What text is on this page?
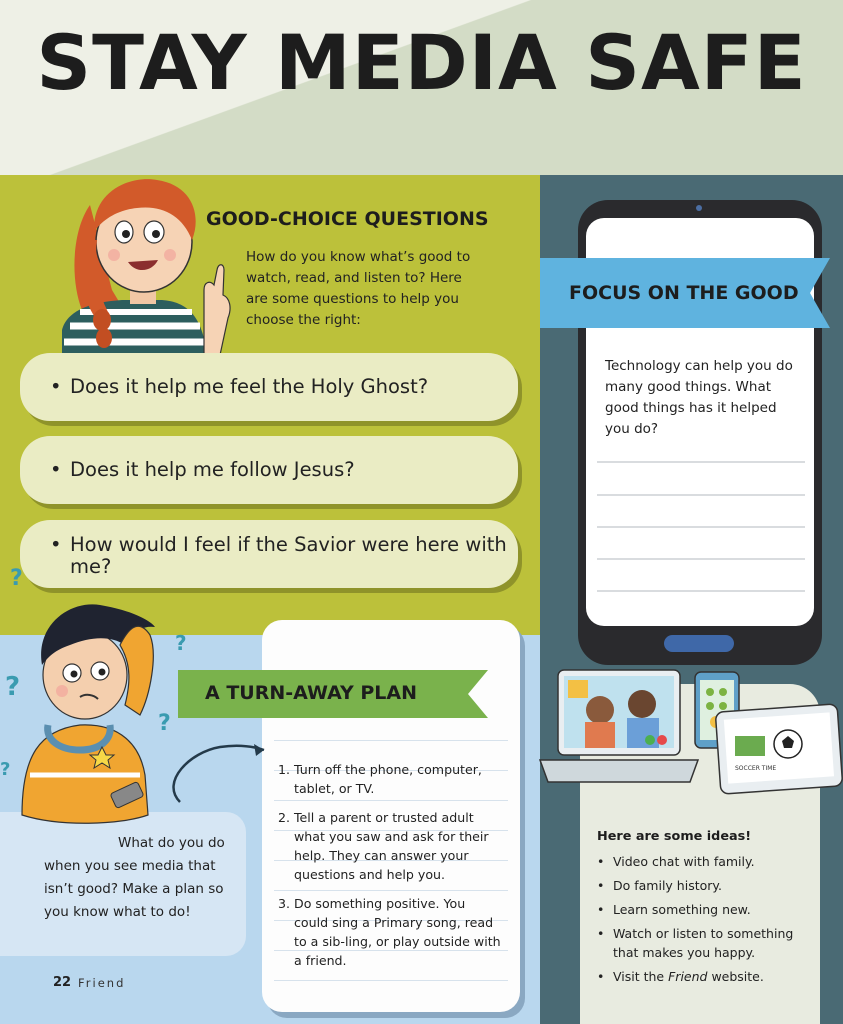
STAY MEDIA SAFE
GOOD-CHOICE QUESTIONS

How do you know what’s good to watch, read, and listen to? Here are some questions to help you choose the right:

• Does it help me feel the Holy Ghost?
• Does it help me follow Jesus?
• How would I feel if the Savior were here with me?
A TURN-AWAY PLAN
1. Turn off the phone, computer, tablet, or TV.
2. Tell a parent or trusted adult what you saw and ask for their help. They can answer your questions and help you.
3. Do something positive. You could sing a Primary song, read to a sib-ling, or play outside with a friend.

What do you do when you see media that isn’t good? Make a plan so you know what to do!

?
?
?
?
?
22 Friend
FOCUS ON THE GOOD

Technology can help you do many good things. What good things has it helped you do?

SOCCER TIME
Here are some ideas!
• Video chat with family.
• Do family history.
• Learn something new.
• Watch or listen to something that makes you happy.
• Visit the Friend website.
